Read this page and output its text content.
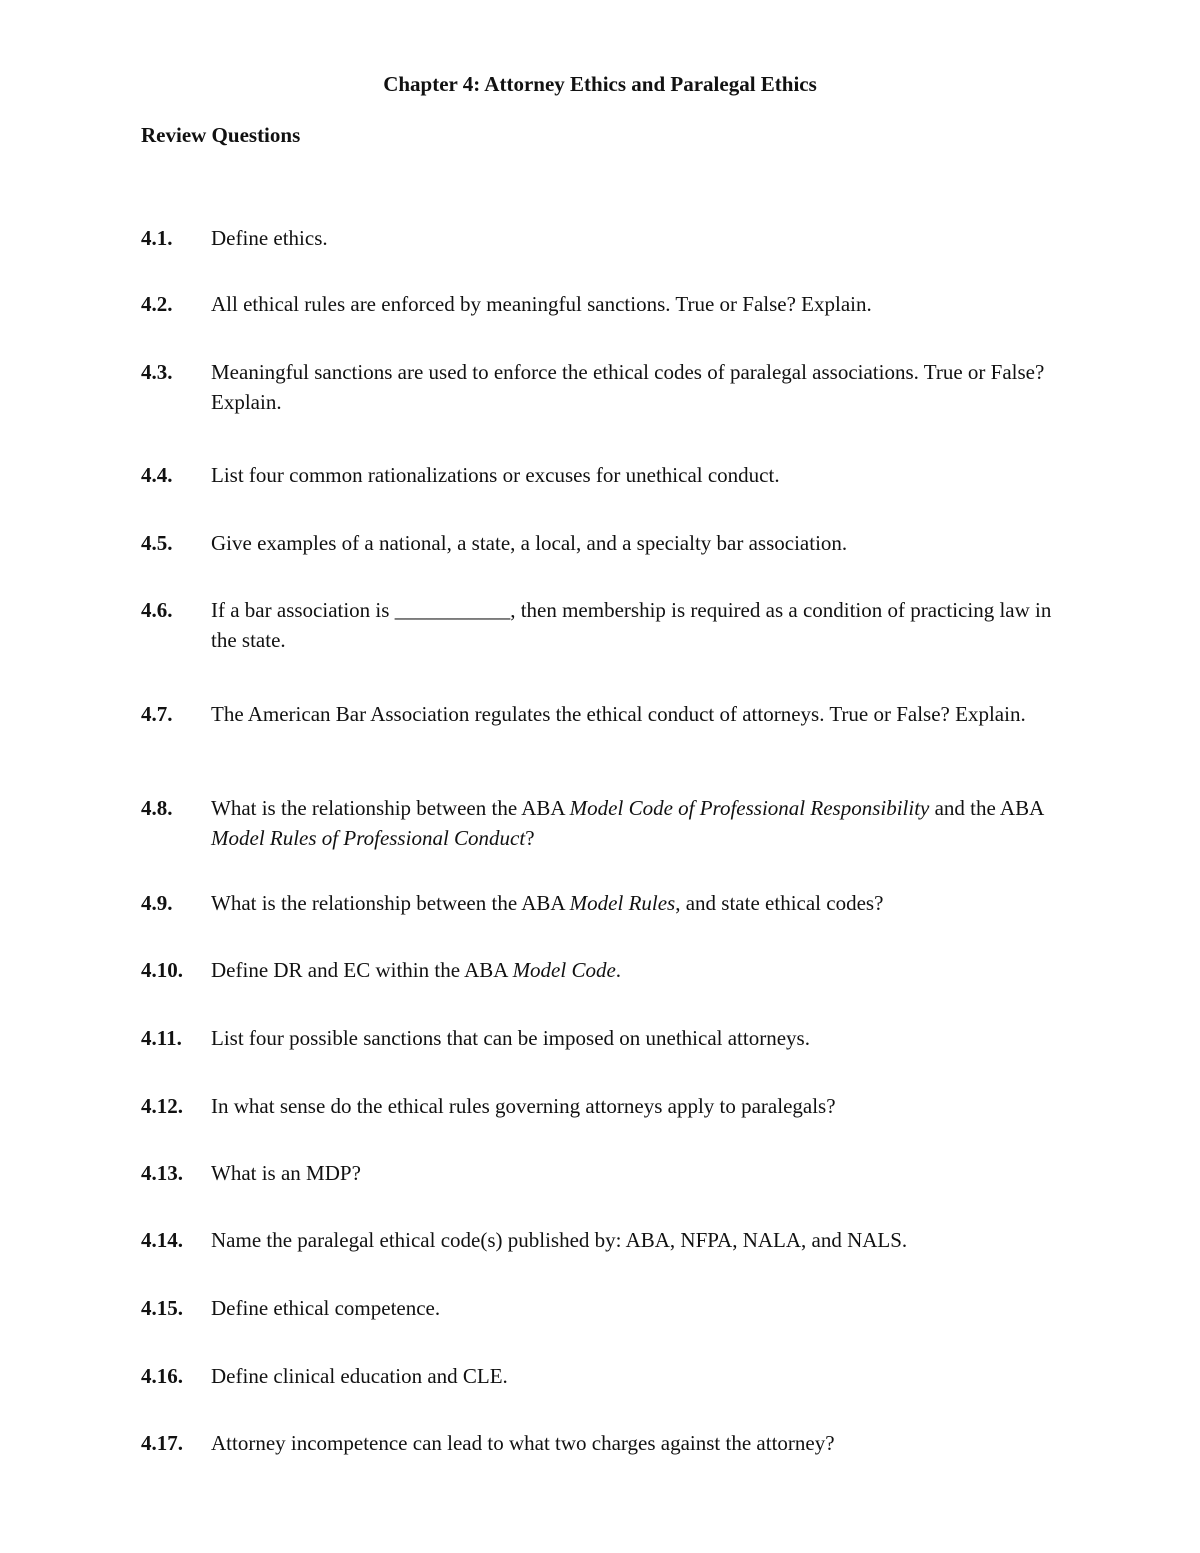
Chapter 4: Attorney Ethics and Paralegal Ethics
Review Questions
4.1. Define ethics.
4.2. All ethical rules are enforced by meaningful sanctions. True or False? Explain.
4.3. Meaningful sanctions are used to enforce the ethical codes of paralegal associations. True or False? Explain.
4.4. List four common rationalizations or excuses for unethical conduct.
4.5. Give examples of a national, a state, a local, and a specialty bar association.
4.6. If a bar association is ___________, then membership is required as a condition of practicing law in the state.
4.7. The American Bar Association regulates the ethical conduct of attorneys. True or False? Explain.
4.8. What is the relationship between the ABA Model Code of Professional Responsibility and the ABA Model Rules of Professional Conduct?
4.9. What is the relationship between the ABA Model Rules, and state ethical codes?
4.10. Define DR and EC within the ABA Model Code.
4.11. List four possible sanctions that can be imposed on unethical attorneys.
4.12. In what sense do the ethical rules governing attorneys apply to paralegals?
4.13. What is an MDP?
4.14. Name the paralegal ethical code(s) published by: ABA, NFPA, NALA, and NALS.
4.15. Define ethical competence.
4.16. Define clinical education and CLE.
4.17. Attorney incompetence can lead to what two charges against the attorney?
